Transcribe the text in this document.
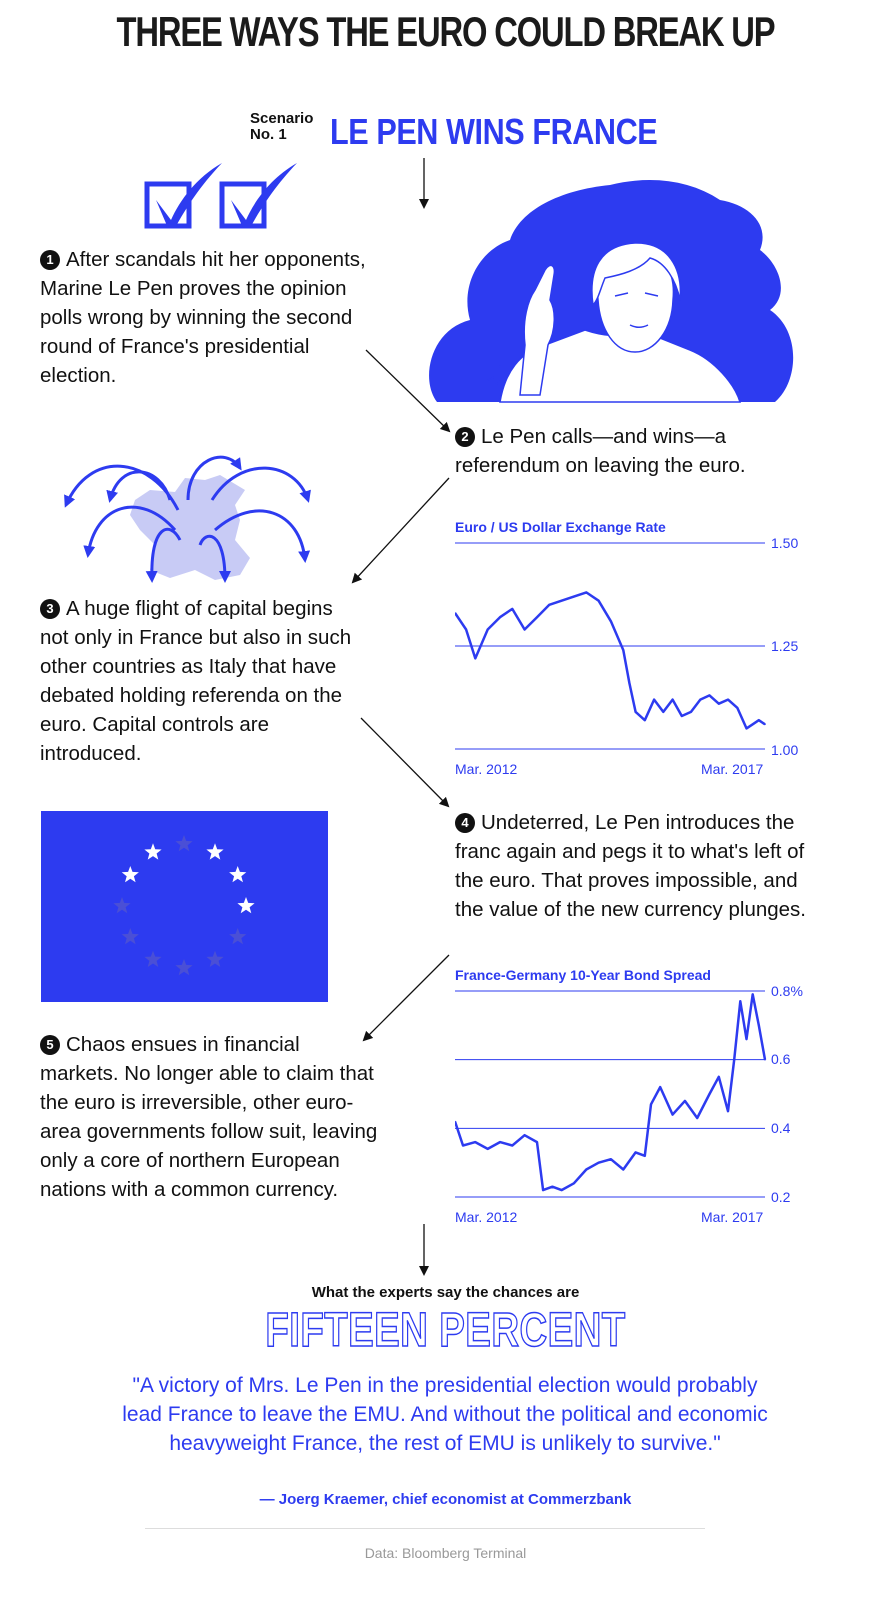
THREE WAYS THE EURO COULD BREAK UP
Scenario
No. 1	LE PEN WINS FRANCE
1 After scandals hit her opponents, Marine Le Pen proves the opinion polls wrong by winning the second round of France's presidential election.
2 Le Pen calls—and wins—a referendum on leaving the euro.
3 A huge flight of capital begins not only in France but also in such other countries as Italy that have debated holding referenda on the euro. Capital controls are introduced.
4 Undeterred, Le Pen introduces the franc again and pegs it to what's left of the euro. That proves impossible, and the value of the new currency plunges.
5 Chaos ensues in financial markets. No longer able to claim that the euro is irreversible, other euro-area governments follow suit, leaving only a core of northern European nations with a common currency.
Euro / US Dollar Exchange Rate
Mar. 2012	Mar. 2017
1.50
1.25
1.00
France-Germany 10-Year Bond Spread
Mar. 2012	Mar. 2017
0.8%
0.6
0.4
0.2
What the experts say the chances are
FIFTEEN PERCENT
"A victory of Mrs. Le Pen in the presidential election would probably lead France to leave the EMU. And without the political and economic heavyweight France, the rest of EMU is unlikely to survive."
— Joerg Kraemer, chief economist at Commerzbank
Data: Bloomberg Terminal
